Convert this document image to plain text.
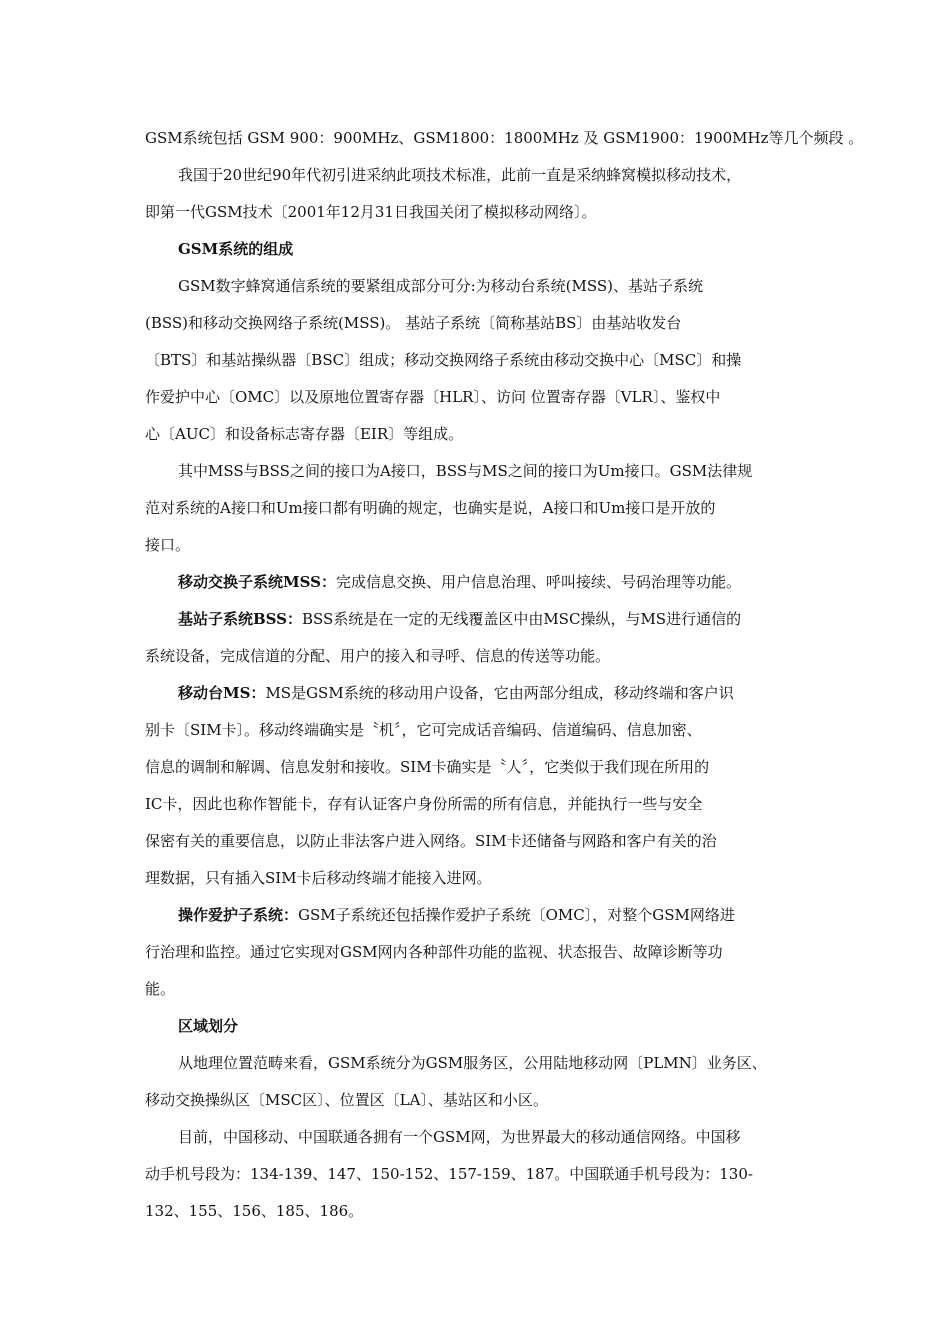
GSM系统包括 GSM 900：900MHz、GSM1800：1800MHz 及 GSM1900：1900MHz等几个频段 。
我国于20世纪90年代初引进采纳此项技术标准，此前一直是采纳蜂窝模拟移动技术，
即第一代GSM技术〔2001年12月31日我国关闭了模拟移动网络〕。
GSM系统的组成
GSM数字蜂窝通信系统的要紧组成部分可分:为移动台系统(MSS)、基站子系统
(BSS)和移动交换网络子系统(MSS)。 基站子系统〔简称基站BS〕由基站收发台
〔BTS〕和基站操纵器〔BSC〕组成；移动交换网络子系统由移动交换中心〔MSC〕和操
作爱护中心〔OMC〕以及原地位置寄存器〔HLR〕、访问 位置寄存器〔VLR〕、鉴权中
心〔AUC〕和设备标志寄存器〔EIR〕等组成。
其中MSS与BSS之间的接口为A接口，BSS与MS之间的接口为Um接口。GSM法律规
范对系统的A接口和Um接口都有明确的规定，也确实是说，A接口和Um接口是开放的
接口。
移动交换子系统MSS：完成信息交换、用户信息治理、呼叫接续、号码治理等功能。
基站子系统BSS：BSS系统是在一定的无线覆盖区中由MSC操纵，与MS进行通信的
系统设备，完成信道的分配、用户的接入和寻呼、信息的传送等功能。
移动台MS：MS是GSM系统的移动用户设备，它由两部分组成，移动终端和客户识
别卡〔SIM卡〕。移动终端确实是〝机〞，它可完成话音编码、信道编码、信息加密、
信息的调制和解调、信息发射和接收。SIM卡确实是〝人〞，它类似于我们现在所用的
IC卡，因此也称作智能卡，存有认证客户身份所需的所有信息，并能执行一些与安全
保密有关的重要信息，以防止非法客户进入网络。SIM卡还储备与网路和客户有关的治
理数据，只有插入SIM卡后移动终端才能接入进网。
操作爱护子系统：GSM子系统还包括操作爱护子系统〔OMC〕，对整个GSM网络进
行治理和监控。通过它实现对GSM网内各种部件功能的监视、状态报告、故障诊断等功
能。
区域划分
从地理位置范畴来看，GSM系统分为GSM服务区，公用陆地移动网〔PLMN〕业务区、
移动交换操纵区〔MSC区〕、位置区〔LA〕、基站区和小区。
目前，中国移动、中国联通各拥有一个GSM网，为世界最大的移动通信网络。中国移
动手机号段为：134-139、147、150-152、157-159、187。中国联通手机号段为：130-
132、155、156、185、186。
